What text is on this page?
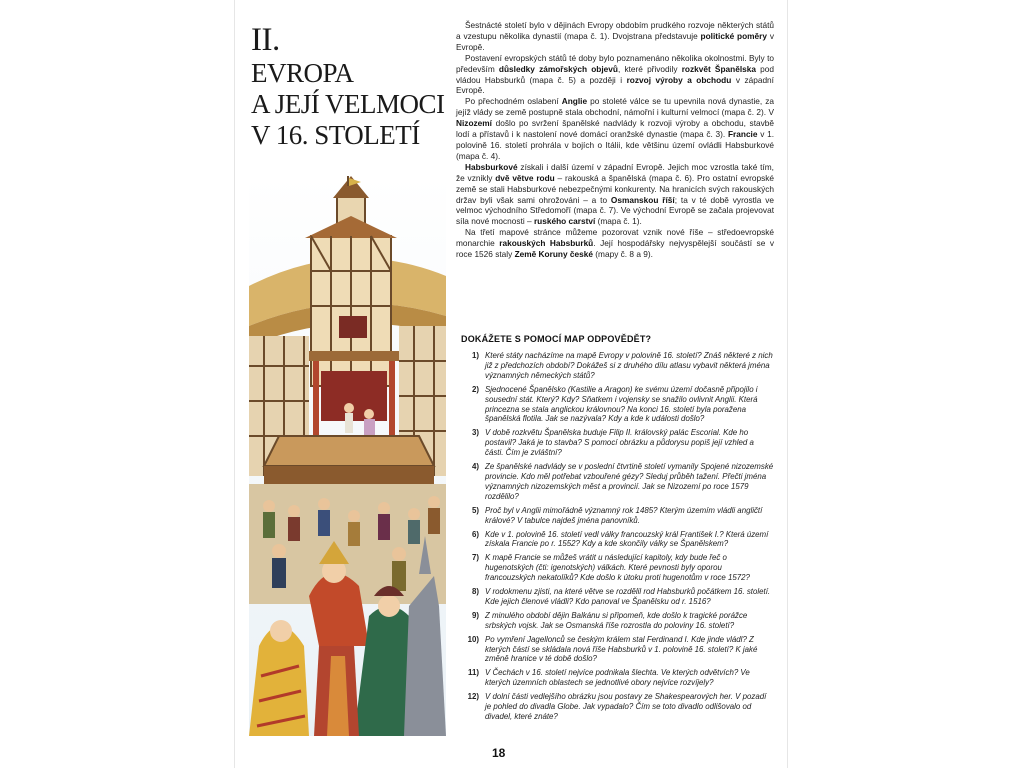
II.
EVROPA
A JEJÍ VELMOCI
V 16. STOLETÍ

Šestnácté století bylo v dějinách Evropy obdobím prudkého rozvoje některých států a vzestupu několika dynastií (mapa č. 1). Dvojstrana představuje politické poměry v Evropě.

Postavení evropských států té doby bylo poznamenáno několika okolnostmi. Byly to především důsledky zámořských objevů, které přivodily rozkvět Španělska pod vládou Habsburků (mapa č. 5) a později i rozvoj výroby a obchodu v západní Evropě.

Po přechodném oslabení Anglie po stoleté válce se tu upevnila nová dynastie, za jejíž vlády se země postupně stala obchodní, námořní i kulturní velmocí (mapa č. 2). V Nizozemí došlo po svržení španělské nadvlády k rozvoji výroby a obchodu, stavbě lodí a přístavů i k nastolení nové domácí oranžské dynastie (mapa č. 3). Francie v 1. polovině 16. století prohrála v bojích o Itálii, kde většinu území ovládli Habsburkové (mapa č. 4).

Habsburkové získali i další území v západní Evropě. Jejich moc vzrostla také tím, že vznikly dvě větve rodu – rakouská a španělská (mapa č. 6). Pro ostatní evropské země se stali Habsburkové nebezpečnými konkurenty. Na hranicích svých rakouských držav byli však sami ohrožováni – a to Osmanskou říší; ta v té době vyrostla ve velmoc východního Středomoří (mapa č. 7). Ve východní Evropě se začala projevovat síla nové mocnosti – ruského carství (mapa č. 1).

Na třetí mapové stránce můžeme pozorovat vznik nové říše – středoevropské monarchie rakouských Habsburků. Její hospodářsky nejvyspělejší součástí se v roce 1526 staly Země Koruny české (mapy č. 8 a 9).

DOKÁŽETE S POMOCÍ MAP ODPOVĚDĚT?
1) Které státy nacházíme na mapě Evropy v polovině 16. století? Znáš některé z nich již z předchozích období? Dokážeš si z druhého dílu atlasu vybavit některá jména významných německých států?
2) Sjednocené Španělsko (Kastilie a Aragon) ke svému území dočasně připojilo i sousední stát. Který? Kdy? Sňatkem i vojensky se snažilo ovlivnit Anglii. Která princezna se stala anglickou královnou? Na konci 16. století byla poražena španělská flotila. Jak se nazývala? Kdy a kde k události došlo?
3) V době rozkvětu Španělska buduje Filip II. královský palác Escorial. Kde ho postavil? Jaká je to stavba? S pomocí obrázku a půdorysu popiš její vzhled a části. Čím je zvláštní?
4) Ze španělské nadvlády se v poslední čtvrtině století vymanily Spojené nizozemské provincie. Kdo měl potřebat vzbouřené gézy? Sleduj průběh tažení. Přečti jména významných nizozemských měst a provincií. Jak se Nizozemí po roce 1579 rozdělilo?
5) Proč byl v Anglii mimořádně významný rok 1485? Kterým územím vládli angličtí králové? V tabulce najdeš jména panovníků.
6) Kde v 1. polovině 16. století vedl války francouzský král František I.? Která území získala Francie po r. 1552? Kdy a kde skončily války se Španělskem?
7) K mapě Francie se můžeš vrátit u následující kapitoly, kdy bude řeč o hugenotských (čti: igenotských) válkách. Které pevnosti byly oporou francouzských nekatolíků? Kde došlo k útoku proti hugenotům v roce 1572?
8) V rodokmenu zjisti, na které větve se rozdělil rod Habsburků počátkem 16. století. Kde jejich členové vládli? Kdo panoval ve Španělsku od r. 1516?
9) Z minulého období dějin Balkánu si připomeň, kde došlo k tragické porážce srbských vojsk. Jak se Osmanská říše rozrostla do poloviny 16. století?
10) Po vymření Jagellonců se českým králem stal Ferdinand I. Kde jinde vládl? Z kterých částí se skládala nová říše Habsburků v 1. polovině 16. století? K jaké změně hranice v té době došlo?
11) V Čechách v 16. století nejvíce podnikala šlechta. Ve kterých odvětvích? Ve kterých územních oblastech se jednotlivé obory nejvíce rozvíjely?
12) V dolní části vedlejšího obrázku jsou postavy ze Shakespearových her. V pozadí je pohled do divadla Globe. Jak vypadalo? Čím se toto divadlo odlišovalo od divadel, které znáte?
18
